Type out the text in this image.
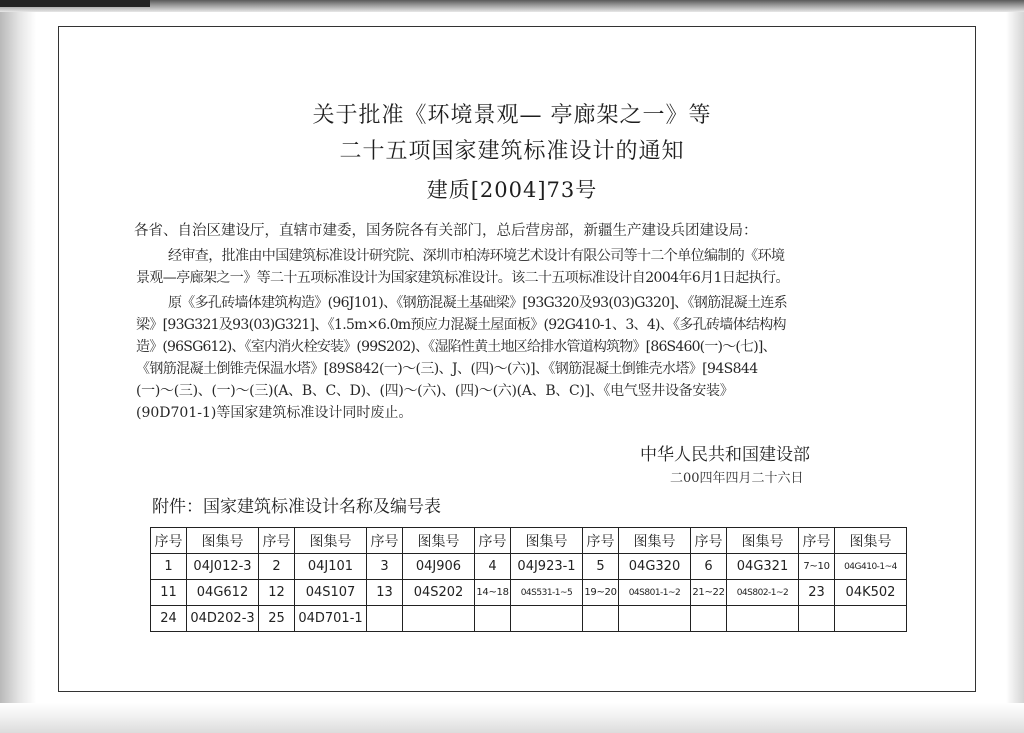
关于批准《环境景观— 亭廊架之一》等
二十五项国家建筑标准设计的通知
建质[2004]73号
各省、自治区建设厅，直辖市建委，国务院各有关部门，总后营房部，新疆生产建设兵团建设局：
经审查，批准由中国建筑标准设计研究院、深圳市柏涛环境艺术设计有限公司等十二个单位编制的《环境
景观—亭廊架之一》等二十五项标准设计为国家建筑标准设计。该二十五项标准设计自2004年6月1日起执行。
原《多孔砖墙体建筑构造》(96J101)、《钢筋混凝土基础梁》[93G320及93(03)G320]、《钢筋混凝土连系
梁》[93G321及93(03)G321]、《1.5m×6.0m预应力混凝土屋面板》(92G410-1、3、4)、《多孔砖墙体结构构
造》(96SG612)、《室内消火栓安装》(99S202)、《湿陷性黄土地区给排水管道构筑物》[86S460(一)～(七)]、
《钢筋混凝土倒锥壳保温水塔》[89S842(一)～(三)、J、(四)～(六)]、《钢筋混凝土倒锥壳水塔》[94S844
(一)～(三)、(一)～(三)(A、B、C、D)、(四)～(六)、(四)～(六)(A、B、C)]、《电气竖井设备安装》
(90D701-1)等国家建筑标准设计同时废止。
中华人民共和国建设部
二00四年四月二十六日
附件：国家建筑标准设计名称及编号表
序号	图集号	序号	图集号	序号	图集号	序号	图集号	序号	图集号	序号	图集号	序号	图集号
1	04J012-3	2	04J101	3	04J906	4	04J923-1	5	04G320	6	04G321	7~10	04G410-1~4
11	04G612	12	04S107	13	04S202	14~18	04S531-1~5	19~20	04S801-1~2	21~22	04S802-1~2	23	04K502
24	04D202-3	25	04D701-1										
